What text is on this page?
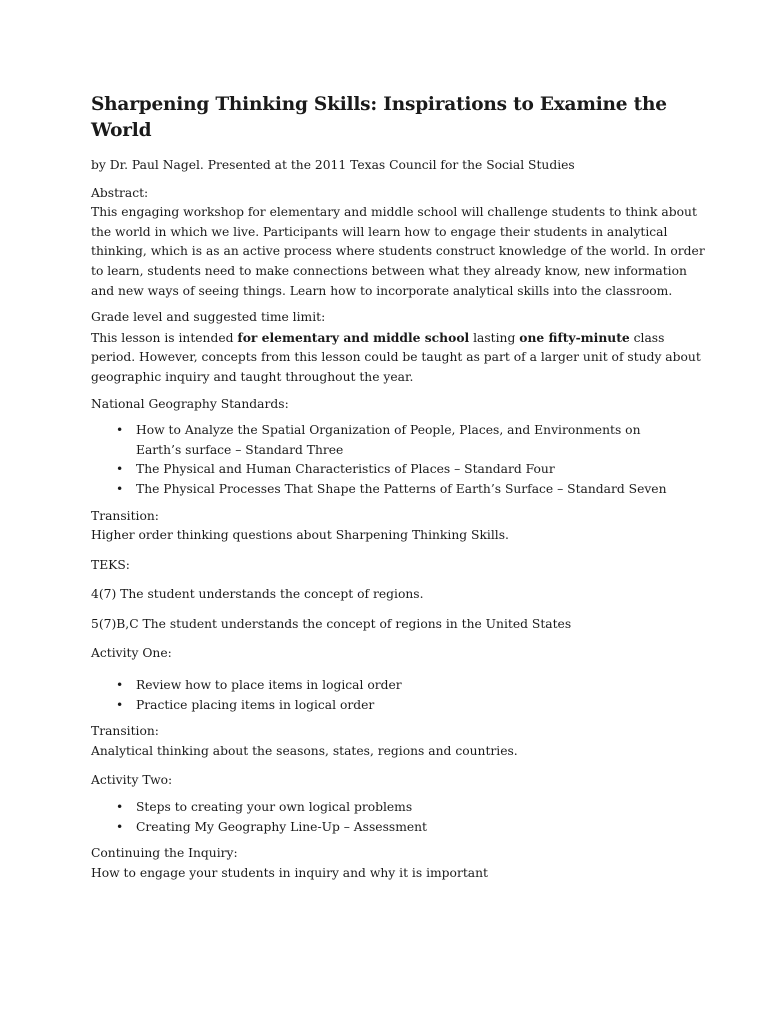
Sharpening Thinking Skills: Inspirations to Examine the World

by Dr. Paul Nagel. Presented at the 2011 Texas Council for the Social Studies

Abstract:

This engaging workshop for elementary and middle school will challenge students to think about the world in which we live. Participants will learn how to engage their students in analytical thinking, which is as an active process where students construct knowledge of the world. In order to learn, students need to make connections between what they already know, new information and new ways of seeing things. Learn how to incorporate analytical skills into the classroom.

Grade level and suggested time limit:

This lesson is intended for elementary and middle school lasting one fifty-minute class period. However, concepts from this lesson could be taught as part of a larger unit of study about geographic inquiry and taught throughout the year.

National Geography Standards:

• How to Analyze the Spatial Organization of People, Places, and Environments on Earth’s surface – Standard Three
• The Physical and Human Characteristics of Places – Standard Four
• The Physical Processes That Shape the Patterns of Earth’s Surface – Standard Seven

Transition:

Higher order thinking questions about Sharpening Thinking Skills.

TEKS:

4(7) The student understands the concept of regions.

5(7)B,C The student understands the concept of regions in the United States

Activity One:

• Review how to place items in logical order
• Practice placing items in logical order

Transition:

Analytical thinking about the seasons, states, regions and countries.

Activity Two:

• Steps to creating your own logical problems
• Creating My Geography Line-Up – Assessment

Continuing the Inquiry:

How to engage your students in inquiry and why it is important
